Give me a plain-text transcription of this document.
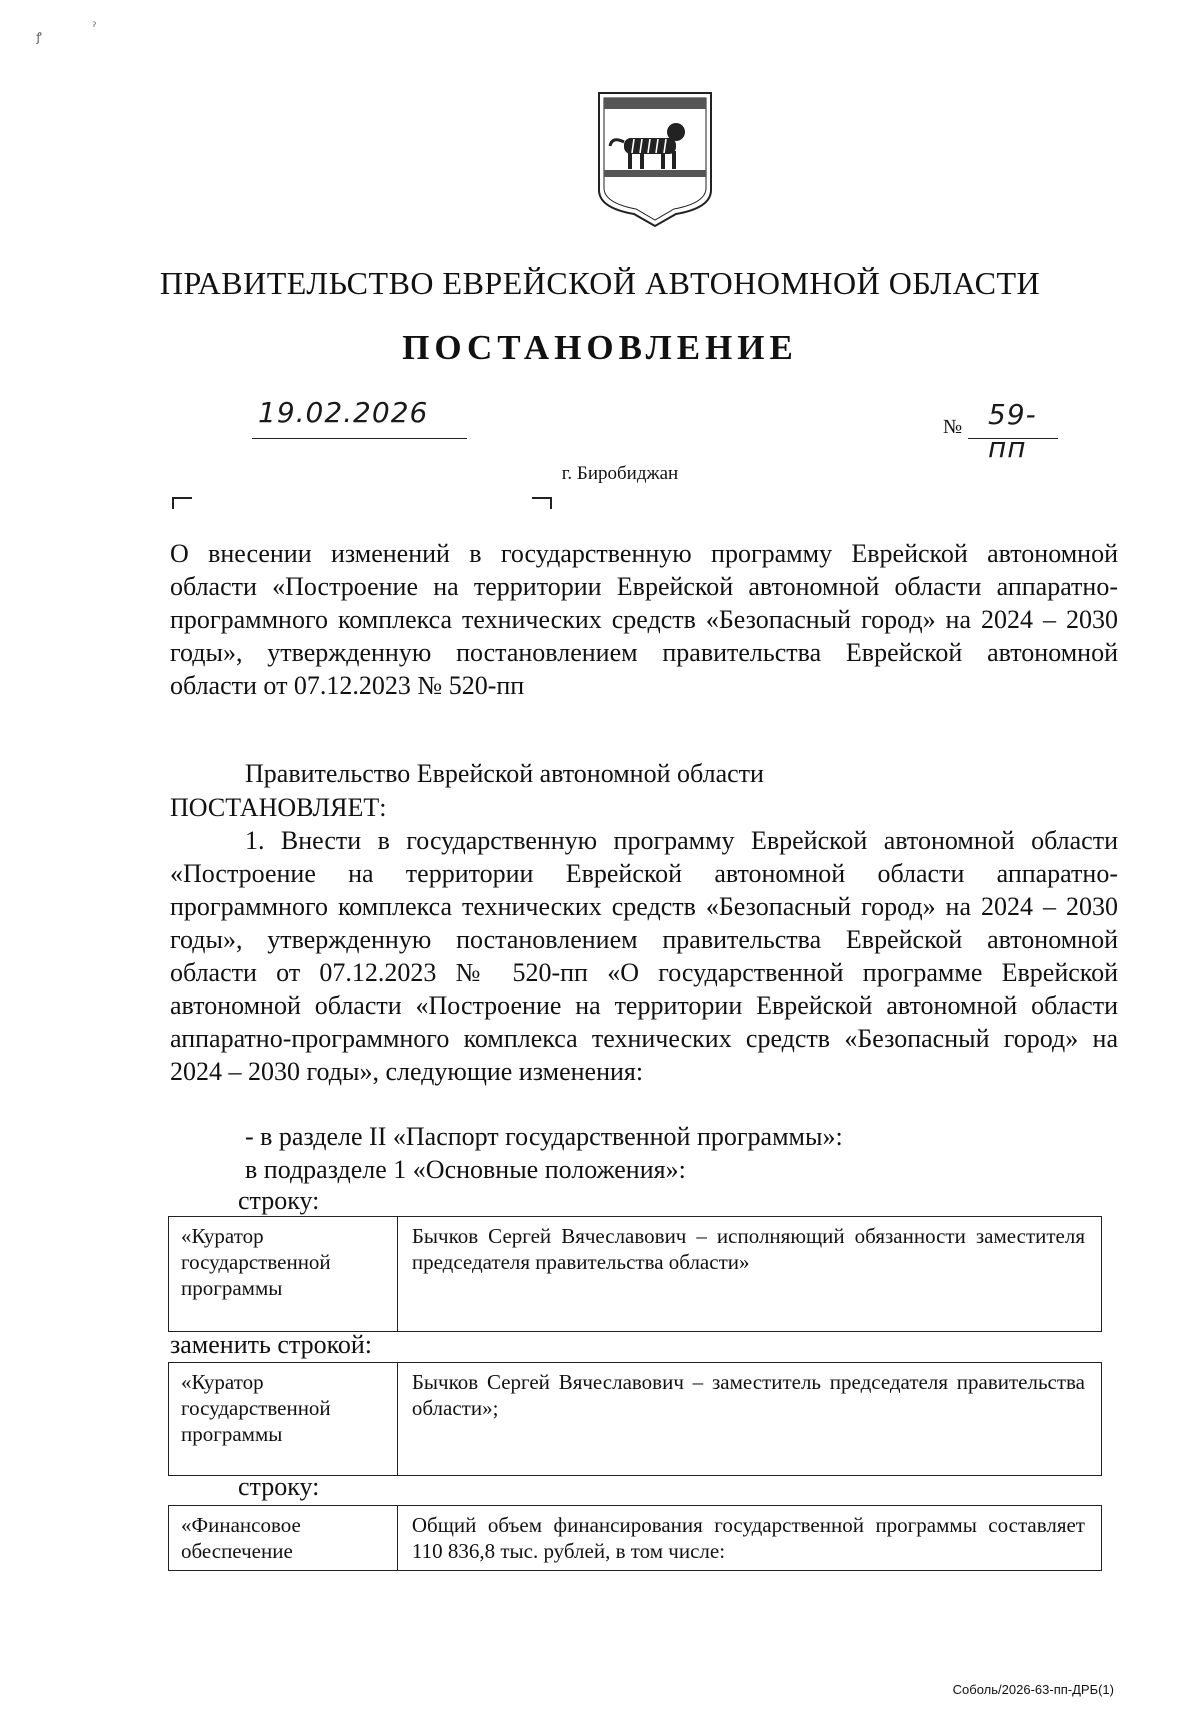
ꝭ
ˀ
ПРАВИТЕЛЬСТВО ЕВРЕЙСКОЙ АВТОНОМНОЙ ОБЛАСТИ
ПОСТАНОВЛЕНИЕ
19.02.2026	№ 59-пп
г. Биробиджан
О внесении изменений в государственную программу Еврейской автономной области «Построение на территории Еврейской автономной области аппаратно-программного комплекса технических средств «Безопасный город» на 2024 – 2030 годы», утвержденную постановлением правительства Еврейской автономной области от 07.12.2023 № 520-пп
Правительство Еврейской автономной области
ПОСТАНОВЛЯЕТ:
1. Внести в государственную программу Еврейской автономной области «Построение на территории Еврейской автономной области аппаратно-программного комплекса технических средств «Безопасный город» на 2024 – 2030 годы», утвержденную постановлением правительства Еврейской автономной области от 07.12.2023 № 520-пп «О государственной программе Еврейской автономной области «Построение на территории Еврейской автономной области аппаратно-программного комплекса технических средств «Безопасный город» на 2024 – 2030 годы», следующие изменения:
- в разделе II «Паспорт государственной программы»:
в подразделе 1 «Основные положения»:
строку:
«Куратор государственной программы	Бычков Сергей Вячеславович – исполняющий обязанности заместителя председателя правительства области»
заменить строкой:
«Куратор государственной программы	Бычков Сергей Вячеславович – заместитель председателя правительства области»;
строку:
«Финансовое обеспечение	Общий объем финансирования государственной программы составляет 110 836,8 тыс. рублей, в том числе:
Соболь/2026-63-пп-ДРБ(1)
